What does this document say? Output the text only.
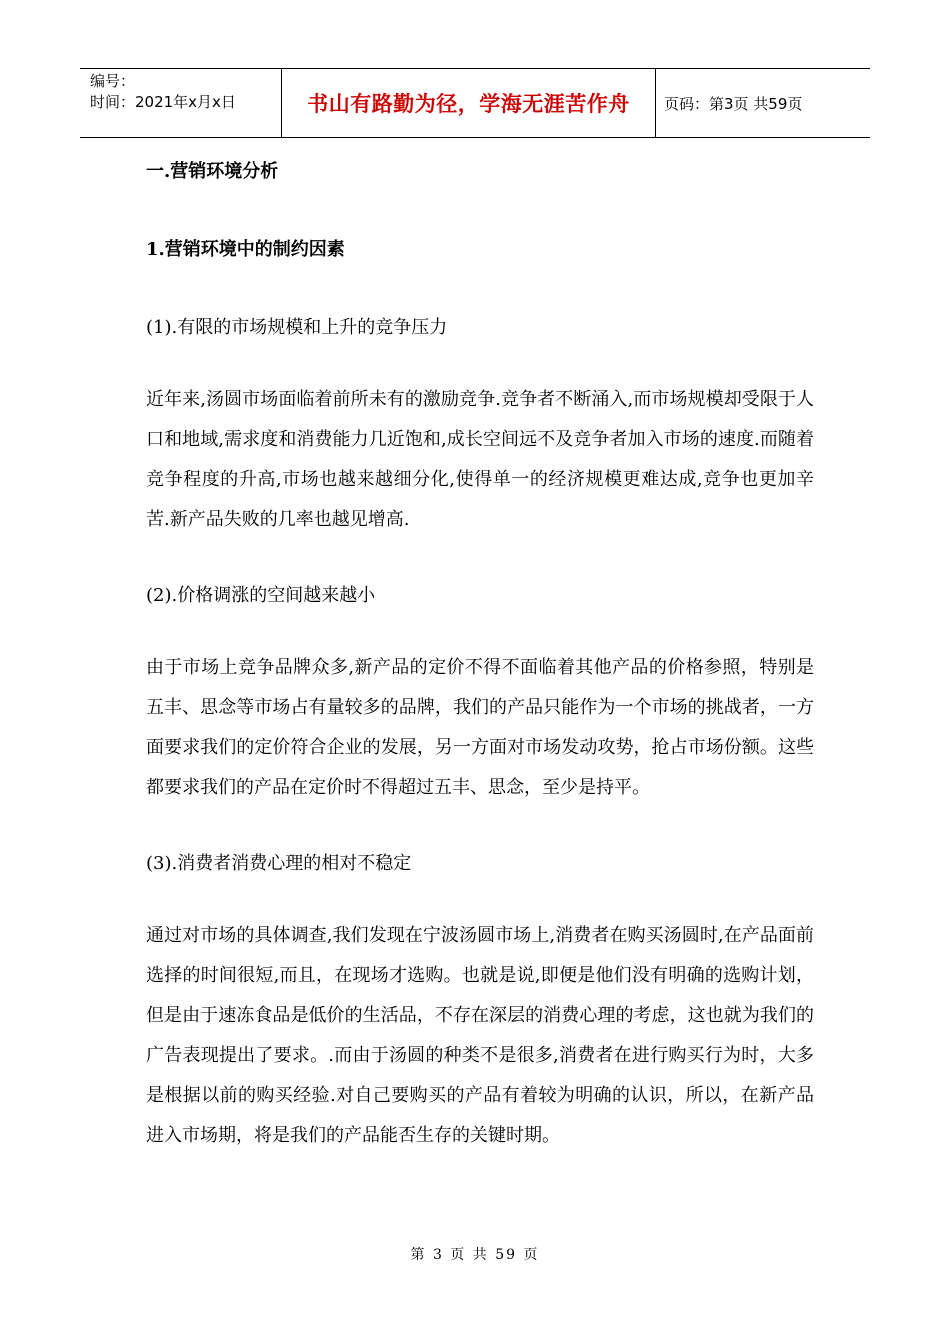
编号：
时间：2021年x月x日	书山有路勤为径，学海无涯苦作舟	页码：第3页 共59页
一.营销环境分析
1.营销环境中的制约因素
(1).有限的市场规模和上升的竞争压力
近年来,汤圆市场面临着前所未有的激励竞争.竞争者不断涌入,而市场规模却受限于人口和地域,需求度和消费能力几近饱和,成长空间远不及竞争者加入市场的速度.而随着竞争程度的升高,市场也越来越细分化,使得单一的经济规模更难达成,竞争也更加辛苦.新产品失败的几率也越见增高.
(2).价格调涨的空间越来越小
由于市场上竞争品牌众多,新产品的定价不得不面临着其他产品的价格参照，特别是五丰、思念等市场占有量较多的品牌，我们的产品只能作为一个市场的挑战者，一方面要求我们的定价符合企业的发展，另一方面对市场发动攻势，抢占市场份额。这些都要求我们的产品在定价时不得超过五丰、思念，至少是持平。
(3).消费者消费心理的相对不稳定
通过对市场的具体调查,我们发现在宁波汤圆市场上,消费者在购买汤圆时,在产品面前选择的时间很短,而且，在现场才选购。也就是说,即便是他们没有明确的选购计划，但是由于速冻食品是低价的生活品，不存在深层的消费心理的考虑，这也就为我们的广告表现提出了要求。.而由于汤圆的种类不是很多,消费者在进行购买行为时，大多是根据以前的购买经验.对自己要购买的产品有着较为明确的认识，所以，在新产品进入市场期，将是我们的产品能否生存的关键时期。
第 3 页 共 59 页
